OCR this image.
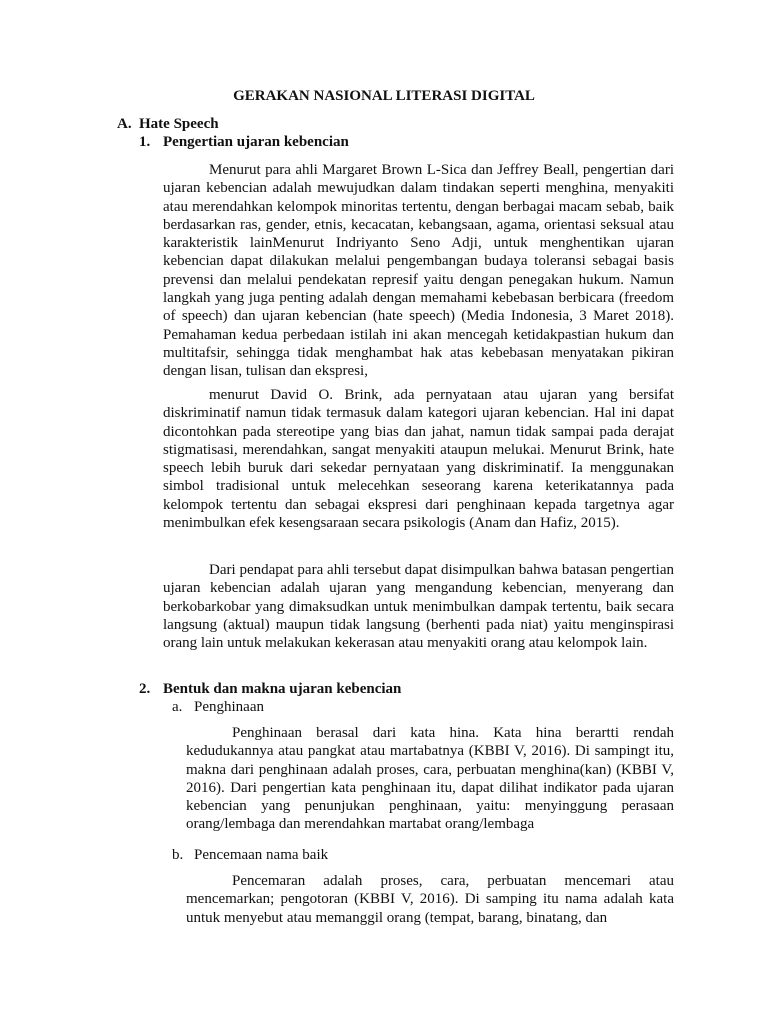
GERAKAN NASIONAL LITERASI DIGITAL
A. Hate Speech
1. Pengertian ujaran kebencian

Menurut para ahli Margaret Brown L-Sica dan Jeffrey Beall, pengertian dari ujaran kebencian adalah mewujudkan dalam tindakan seperti menghina, menyakiti atau merendahkan kelompok minoritas tertentu, dengan berbagai macam sebab, baik berdasarkan ras, gender, etnis, kecacatan, kebangsaan, agama, orientasi seksual atau karakteristik lainMenurut Indriyanto Seno Adji, untuk menghentikan ujaran kebencian dapat dilakukan melalui pengembangan budaya toleransi sebagai basis prevensi dan melalui pendekatan represif yaitu dengan penegakan hukum. Namun langkah yang juga penting adalah dengan memahami kebebasan berbicara (freedom of speech) dan ujaran kebencian (hate speech) (Media Indonesia, 3 Maret 2018). Pemahaman kedua perbedaan istilah ini akan mencegah ketidakpastian hukum dan multitafsir, sehingga tidak menghambat hak atas kebebasan menyatakan pikiran dengan lisan, tulisan dan ekspresi,

menurut David O. Brink, ada pernyataan atau ujaran yang bersifat diskriminatif namun tidak termasuk dalam kategori ujaran kebencian. Hal ini dapat dicontohkan pada stereotipe yang bias dan jahat, namun tidak sampai pada derajat stigmatisasi, merendahkan, sangat menyakiti ataupun melukai. Menurut Brink, hate speech lebih buruk dari sekedar pernyataan yang diskriminatif. Ia menggunakan simbol tradisional untuk melecehkan seseorang karena keterikatannya pada kelompok tertentu dan sebagai ekspresi dari penghinaan kepada targetnya agar menimbulkan efek kesengsaraan secara psikologis (Anam dan Hafiz, 2015).

Dari pendapat para ahli tersebut dapat disimpulkan bahwa batasan pengertian ujaran kebencian adalah ujaran yang mengandung kebencian, menyerang dan berkobarkobar yang dimaksudkan untuk menimbulkan dampak tertentu, baik secara langsung (aktual) maupun tidak langsung (berhenti pada niat) yaitu menginspirasi orang lain untuk melakukan kekerasan atau menyakiti orang atau kelompok lain.

2. Bentuk dan makna ujaran kebencian
a. Penghinaan

Penghinaan berasal dari kata hina. Kata hina berartti rendah kedudukannya atau pangkat atau martabatnya (KBBI V, 2016). Di sampingt itu, makna dari penghinaan adalah proses, cara, perbuatan menghina(kan) (KBBI V, 2016). Dari pengertian kata penghinaan itu, dapat dilihat indikator pada ujaran kebencian yang penunjukan penghinaan, yaitu: menyinggung perasaan orang/lembaga dan merendahkan martabat orang/lembaga

b. Pencemaan nama baik

Pencemaran adalah proses, cara, perbuatan mencemari atau mencemarkan; pengotoran (KBBI V, 2016). Di samping itu nama adalah kata untuk menyebut atau memanggil orang (tempat, barang, binatang, dan
